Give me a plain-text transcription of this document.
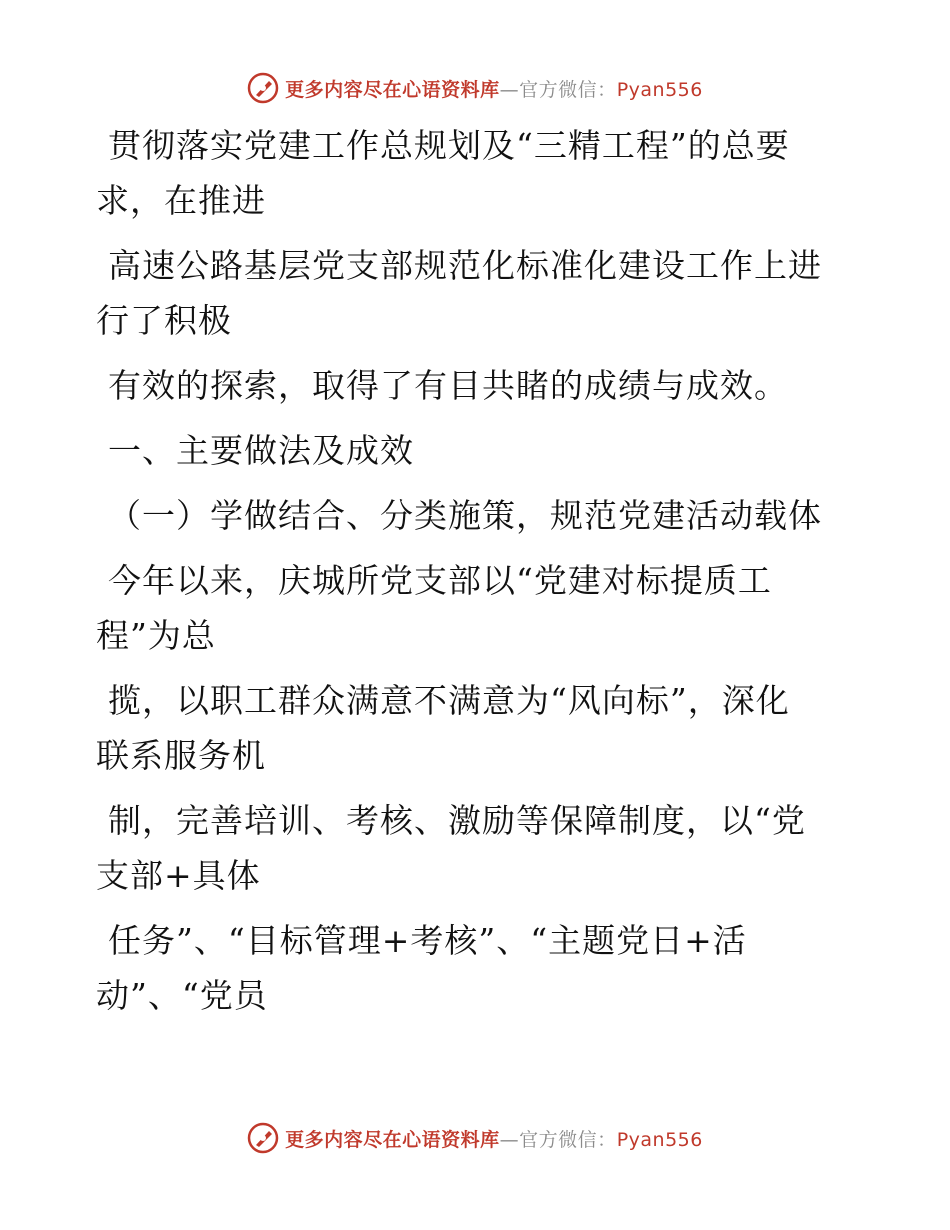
更多内容尽在心语资料库—官方微信：Pyan556

贯彻落实党建工作总规划及“三精工程”的总要
求，在推进

高速公路基层党支部规范化标准化建设工作上进
行了积极

有效的探索，取得了有目共睹的成绩与成效。

一、主要做法及成效

（一）学做结合、分类施策，规范党建活动载体

今年以来，庆城所党支部以“党建对标提质工
程”为总

揽，以职工群众满意不满意为“风向标”，深化
联系服务机

制，完善培训、考核、激励等保障制度，以“党
支部+具体

任务”、“目标管理+考核”、“主题党日+活
动”、“党员

更多内容尽在心语资料库—官方微信：Pyan556
